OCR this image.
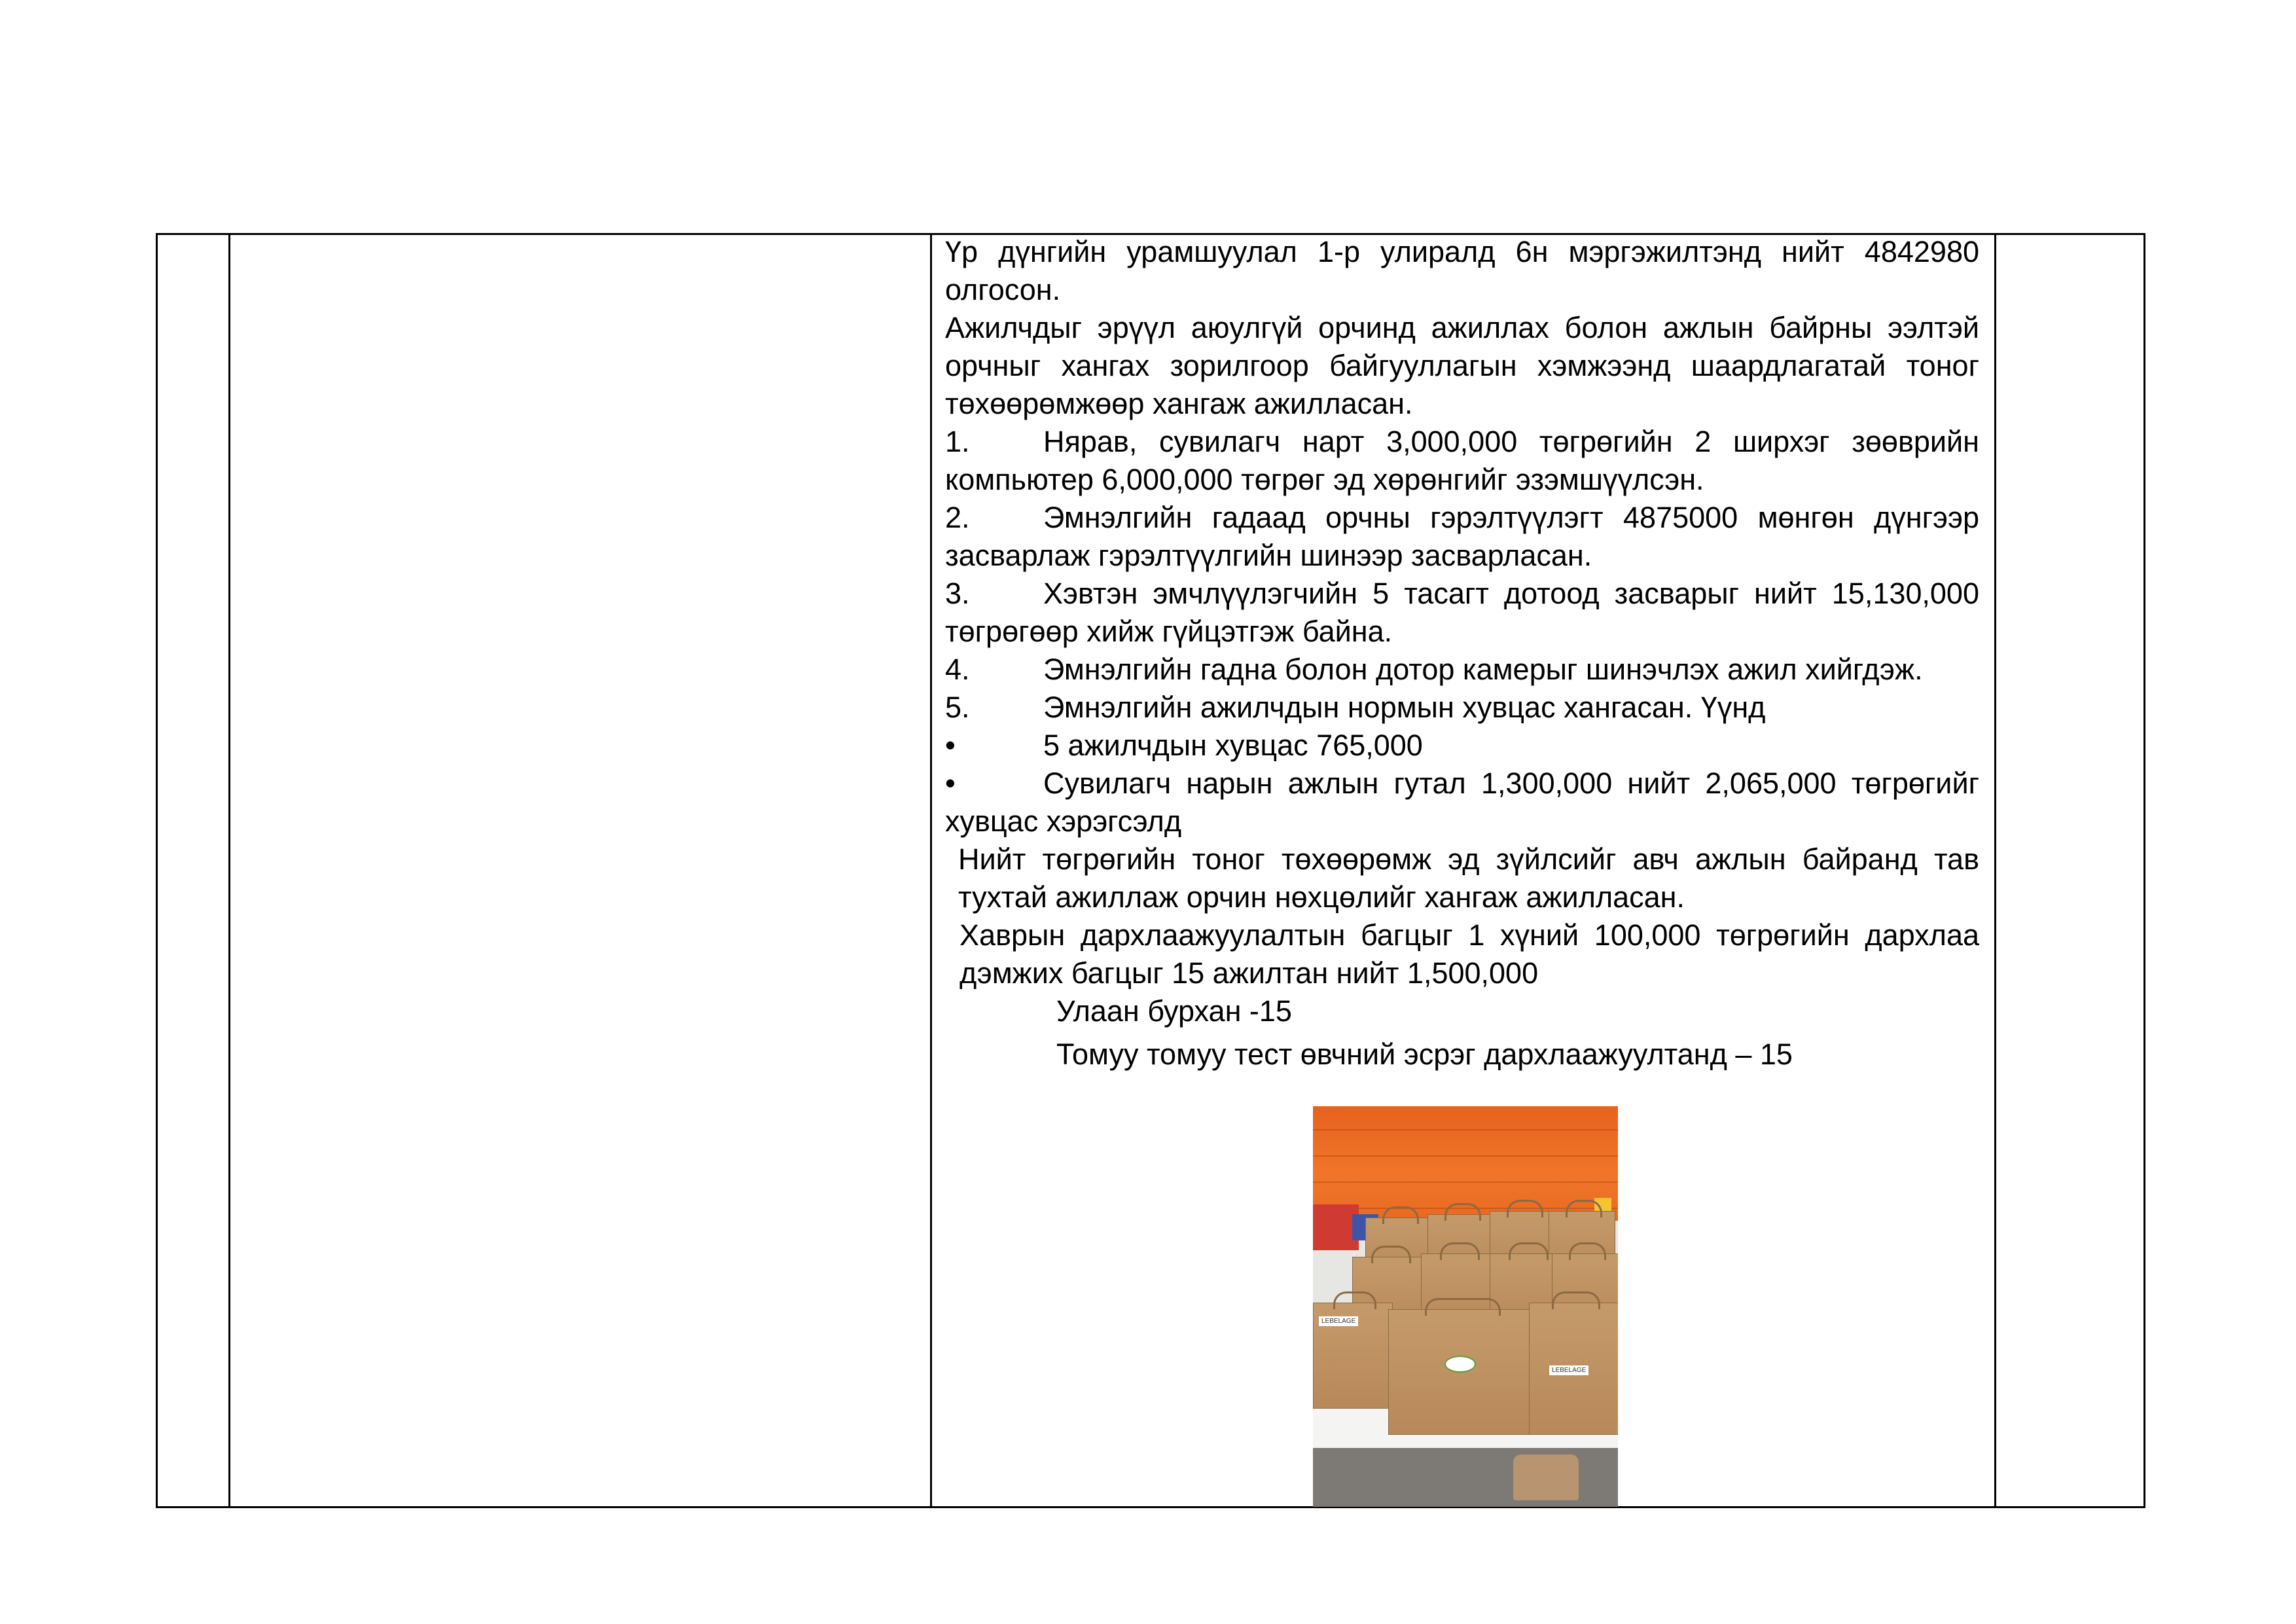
Үр дүнгийн урамшуулал 1-р улиралд 6н мэргэжилтэнд нийт 4842980 олгосон.

Ажилчдыг эрүүл аюулгүй орчинд ажиллах болон ажлын байрны ээлтэй орчныг хангах зорилгоор байгууллагын хэмжээнд шаардлагатай тоног төхөөрөмжөөр хангаж ажилласан.

1. Нярав, сувилагч нарт 3,000,000 төгрөгийн 2 ширхэг зөөврийн компьютер 6,000,000 төгрөг эд хөрөнгийг эзэмшүүлсэн.

2. Эмнэлгийн гадаад орчны гэрэлтүүлэгт 4875000 мөнгөн дүнгээр засварлаж гэрэлтүүлгийн шинээр засварласан.

3. Хэвтэн эмчлүүлэгчийн 5 тасагт дотоод засварыг нийт 15,130,000 төгрөгөөр хийж гүйцэтгэж байна.

4. Эмнэлгийн гадна болон дотор камерыг шинэчлэх ажил хийгдэж.

5. Эмнэлгийн ажилчдын нормын хувцас хангасан. Үүнд

•	5 ажилчдын хувцас 765,000

•	Сувилагч нарын ажлын гутал 1,300,000 нийт 2,065,000 төгрөгийг хувцас хэрэгсэлд

Нийт төгрөгийн тоног төхөөрөмж эд зүйлсийг авч ажлын байранд тав тухтай ажиллаж орчин нөхцөлийг хангаж ажилласан.

Хаврын дархлаажуулалтын багцыг 1 хүний 100,000 төгрөгийн дархлаа дэмжих багцыг 15 ажилтан нийт 1,500,000

Улаан бурхан -15

Томуу томуу тест өвчний эсрэг дархлаажуултанд – 15

LEBELAGE
LEBELAGE
